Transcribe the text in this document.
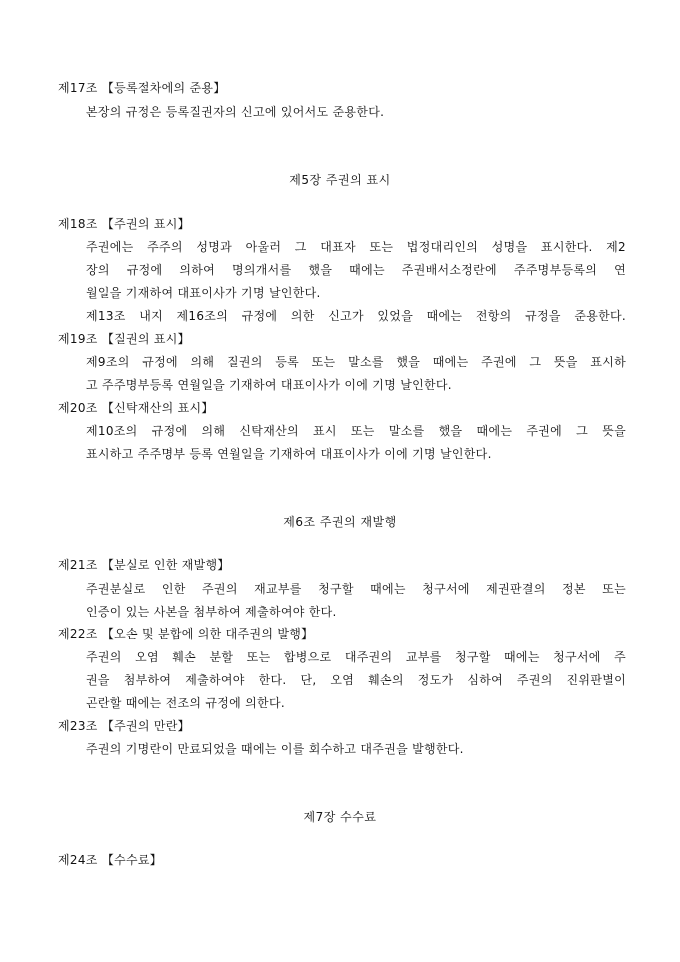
제17조 【등록절차에의 준용】
본장의 규정은 등록질권자의 신고에 있어서도 준용한다.
제5장 주권의 표시
제18조 【주권의 표시】
주권에는 주주의 성명과 아울러 그 대표자 또는 법정대리인의 성명을 표시한다. 제2
장의 규정에 의하여 명의개서를 했을 때에는 주권배서소정란에 주주명부등록의 연
월일을 기재하여 대표이사가 기명 날인한다.
제13조 내지 제16조의 규정에 의한 신고가 있었을 때에는 전항의 규정을 준용한다.
제19조 【질권의 표시】
제9조의 규정에 의해 질권의 등록 또는 말소를 했을 때에는 주권에 그 뜻을 표시하
고 주주명부등록 연월일을 기재하여 대표이사가 이에 기명 날인한다.
제20조 【신탁재산의 표시】
제10조의 규정에 의해 신탁재산의 표시 또는 말소를 했을 때에는 주권에 그 뜻을
표시하고 주주명부 등록 연월일을 기재하여 대표이사가 이에 기명 날인한다.
제6조 주권의 재발행
제21조 【분실로 인한 재발행】
주권분실로 인한 주권의 재교부를 청구할 때에는 청구서에 제권판결의 정본 또는
인증이 있는 사본을 첨부하여 제출하여야 한다.
제22조 【오손 및 분합에 의한 대주권의 발행】
주권의 오염 훼손 분할 또는 합병으로 대주권의 교부를 청구할 때에는 청구서에 주
권을 첨부하여 제출하여야 한다. 단, 오염 훼손의 정도가 심하여 주권의 진위판별이
곤란할 때에는 전조의 규정에 의한다.
제23조 【주권의 만란】
주권의 기명란이 만료되었을 때에는 이를 회수하고 대주권을 발행한다.
제7장 수수료
제24조 【수수료】
